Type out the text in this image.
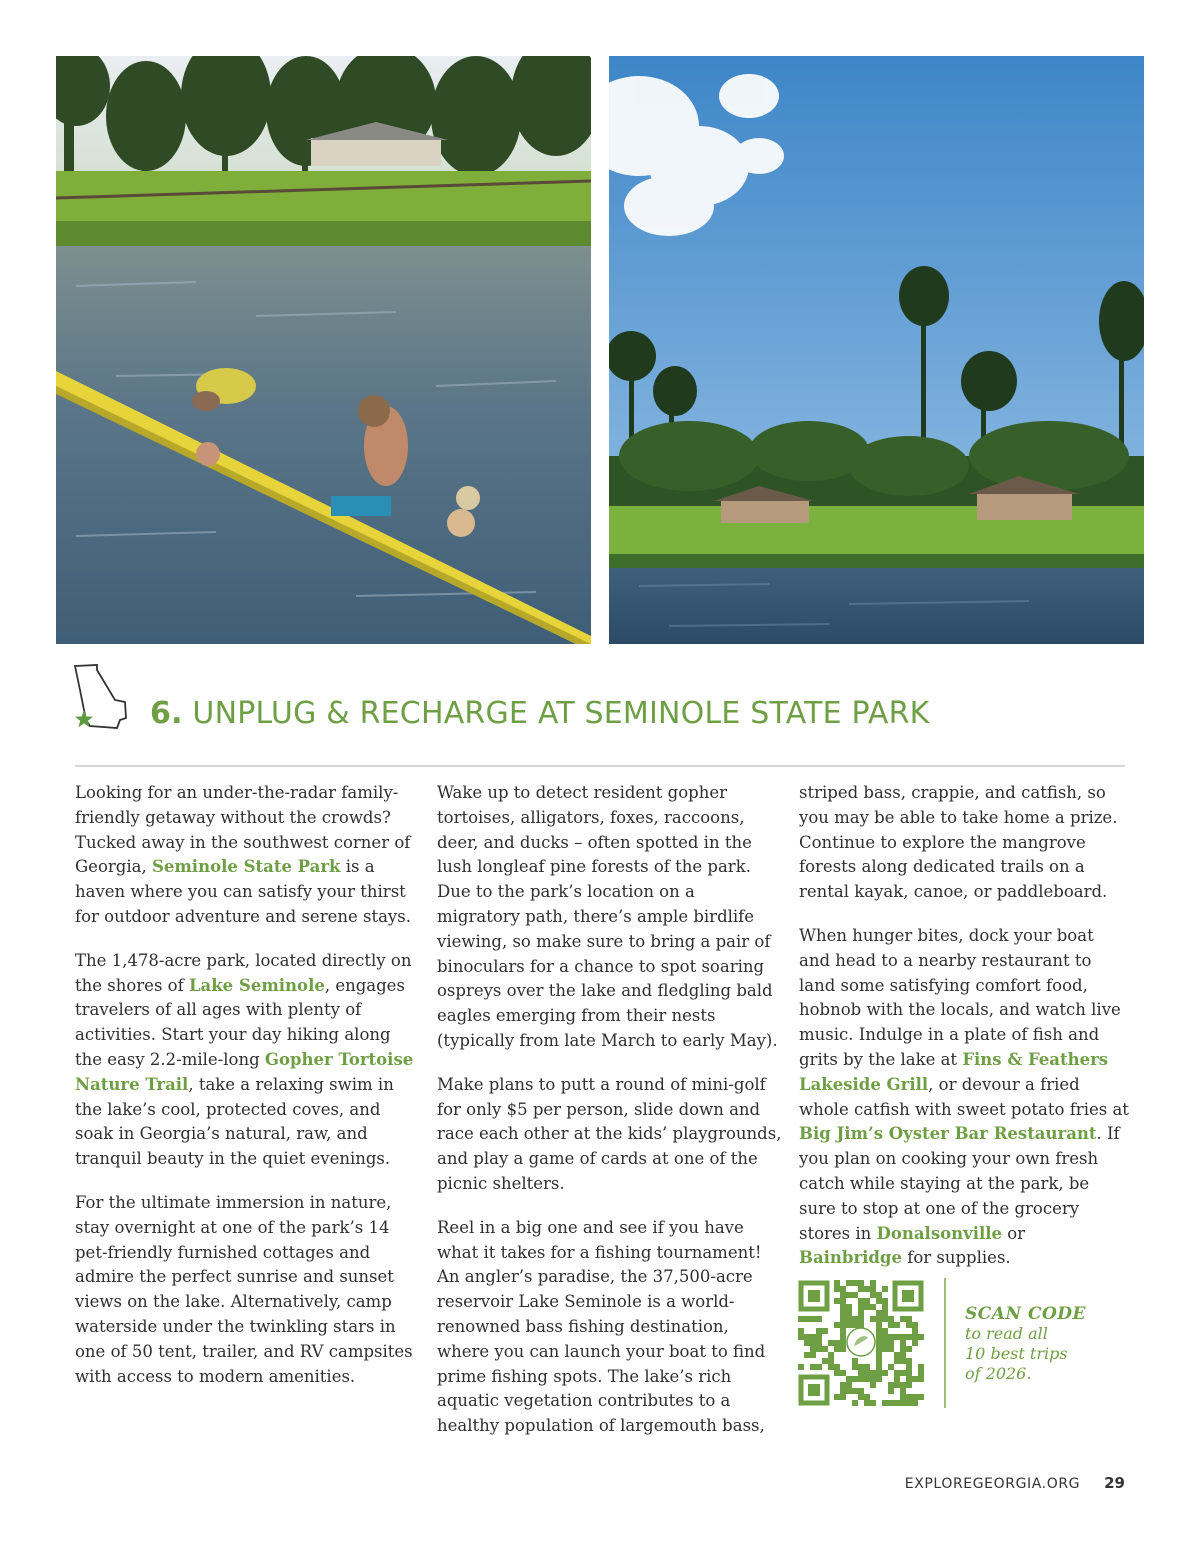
6. UNPLUG & RECHARGE AT SEMINOLE STATE PARK

Looking for an under-the-radar family-friendly getaway without the crowds? Tucked away in the southwest corner of Georgia, Seminole State Park is a haven where you can satisfy your thirst for outdoor adventure and serene stays.

The 1,478-acre park, located directly on the shores of Lake Seminole, engages travelers of all ages with plenty of activities. Start your day hiking along the easy 2.2-mile-long Gopher Tortoise Nature Trail, take a relaxing swim in the lake’s cool, protected coves, and soak in Georgia’s natural, raw, and tranquil beauty in the quiet evenings.

For the ultimate immersion in nature, stay overnight at one of the park’s 14 pet-friendly furnished cottages and admire the perfect sunrise and sunset views on the lake. Alternatively, camp waterside under the twinkling stars in one of 50 tent, trailer, and RV campsites with access to modern amenities.

Wake up to detect resident gopher tortoises, alligators, foxes, raccoons, deer, and ducks – often spotted in the lush longleaf pine forests of the park. Due to the park’s location on a migratory path, there’s ample birdlife viewing, so make sure to bring a pair of binoculars for a chance to spot soaring ospreys over the lake and fledgling bald eagles emerging from their nests (typically from late March to early May).

Make plans to putt a round of mini-golf for only $5 per person, slide down and race each other at the kids’ playgrounds, and play a game of cards at one of the picnic shelters.

Reel in a big one and see if you have what it takes for a fishing tournament! An angler’s paradise, the 37,500-acre reservoir Lake Seminole is a world-renowned bass fishing destination, where you can launch your boat to find prime fishing spots. The lake’s rich aquatic vegetation contributes to a healthy population of largemouth bass,

striped bass, crappie, and catfish, so you may be able to take home a prize. Continue to explore the mangrove forests along dedicated trails on a rental kayak, canoe, or paddleboard.

When hunger bites, dock your boat and head to a nearby restaurant to land some satisfying comfort food, hobnob with the locals, and watch live music. Indulge in a plate of fish and grits by the lake at Fins & Feathers Lakeside Grill, or devour a fried whole catfish with sweet potato fries at Big Jim’s Oyster Bar Restaurant. If you plan on cooking your own fresh catch while staying at the park, be sure to stop at one of the grocery stores in Donalsonville or Bainbridge for supplies.

SCAN CODE
to read all
10 best trips
of 2026.
EXPLOREGEORGIA.ORG 29
